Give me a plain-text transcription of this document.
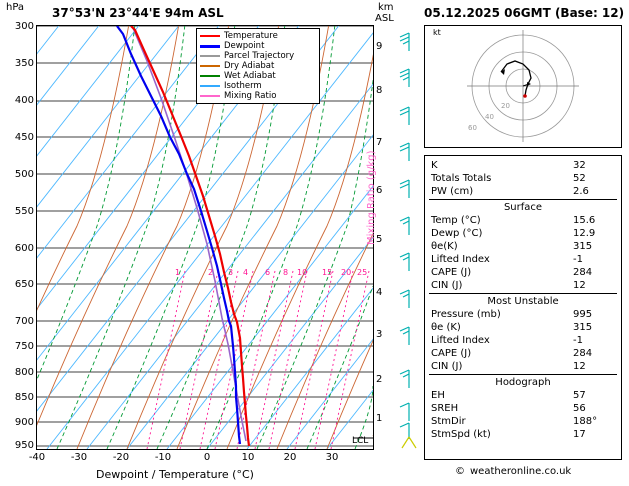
hPa 37°53'N 23°44'E 94m ASL	km
ASL	05.12.2025 06GMT (Base: 12)
300
350
400
450
500
550
600
650
700
750
800
850
900
950
9
8
7
6
5
4
3
2
1
LCL
-40	-30	-20	-10	0	10	20	30
Dewpoint / Temperature (°C)
1	2 3 4 6 8 10 15 20 25
Mixing Ratio (g/kg)
Temperature
Dewpoint
Parcel Trajectory
Dry Adiabat
Wet Adiabat
Isotherm
Mixing Ratio
kt
20
40
60
K	32
Totals Totals	52
PW (cm)	2.6
Surface
Temp (°C)	15.6
Dewp (°C)	12.9
θe(K)	315
Lifted Index	-1
CAPE (J)	284
CIN (J)	12
Most Unstable
Pressure (mb)	995
θe (K)	315
Lifted Index	-1
CAPE (J)	284
CIN (J)	12
Hodograph
EH	57
SREH	56
StmDir	188°
StmSpd (kt)	17
© weatheronline.co.uk
